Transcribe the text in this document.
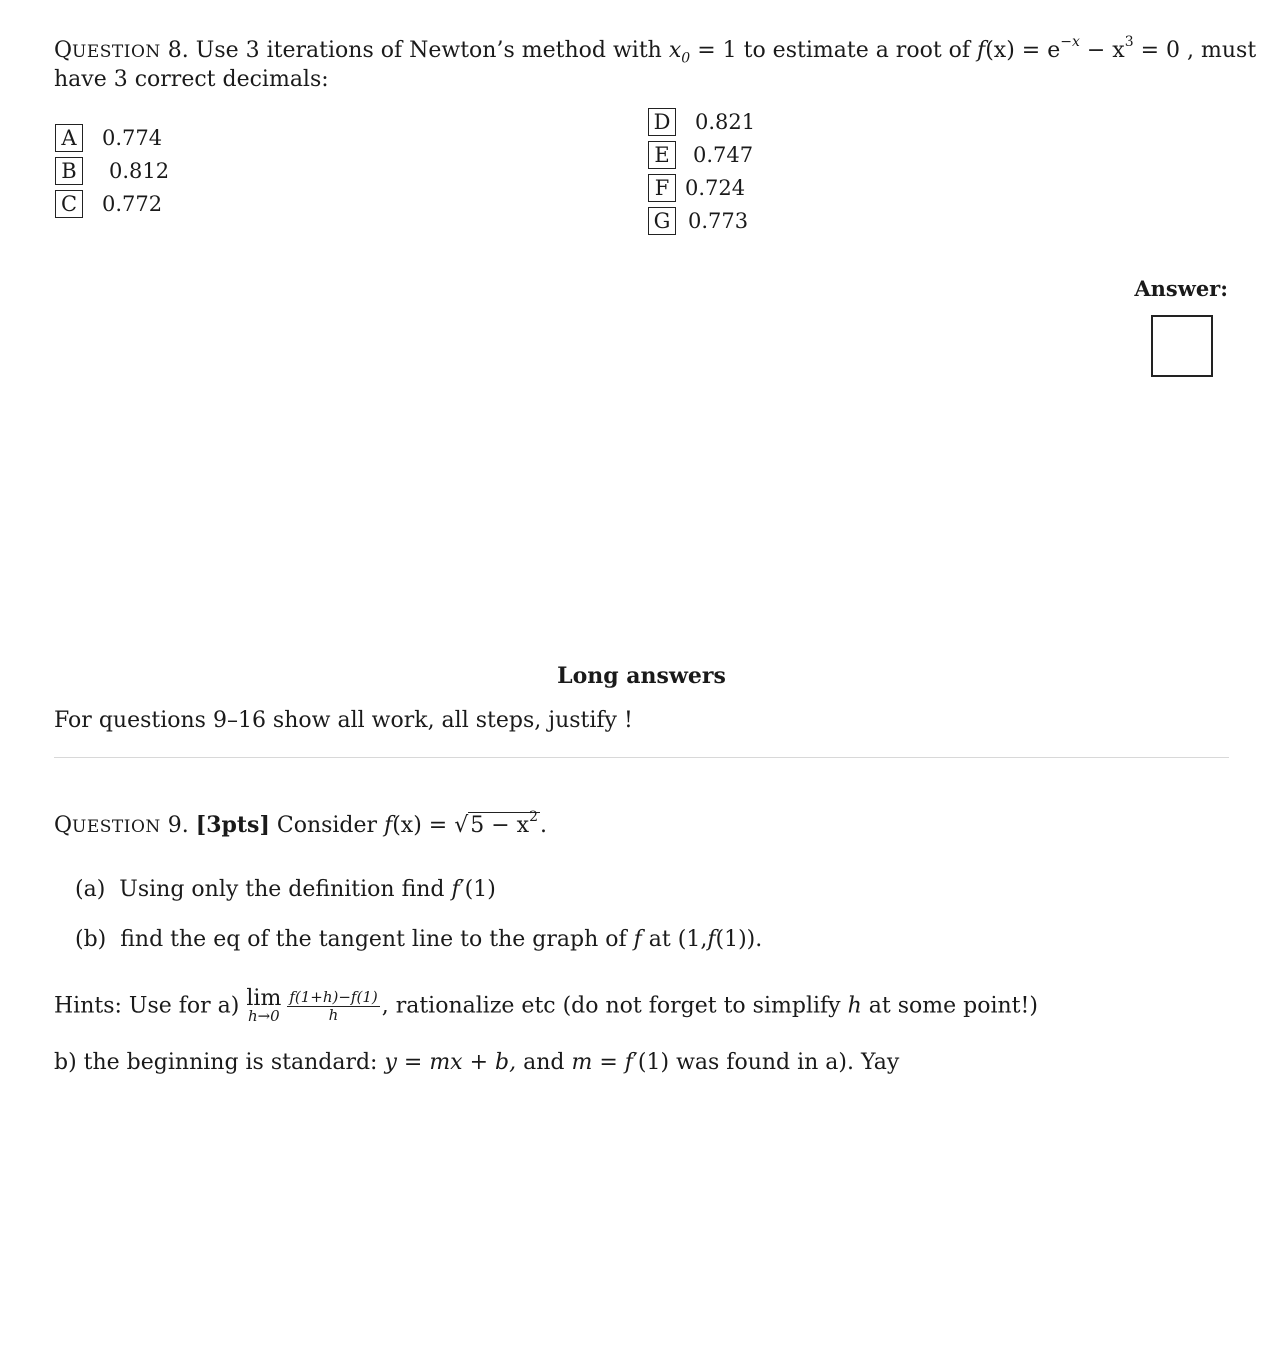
QUESTION 8. Use 3 iterations of Newton’s method with $x_0 = 1$ to estimate a root of $f(x) = e^{-x} - x^3 = 0$ , must
have 3 correct decimals:
A	0.774
B 0.812
C 0.772
D 0.821
E	0.747
F 0.724
G 0.773
Answer:
Long answers
For questions 9–16 show all work, all steps, justify !
QUESTION 9. [3pts] Consider $f(x) = √5 - x^2$.
(a) Using only the definition find f′(1)
(b) find the eq of the tangent line to the graph of f at (1,f(1)).
Hints: Use for a) lim
$h\to 0 \frac{f(1+h)-f(1)}{h}$ , rationalize etc (do not forget to simplify h at some point!)
b) the beginning is standard: y = mx + b, and m = f′(1) was found in a). Yay
